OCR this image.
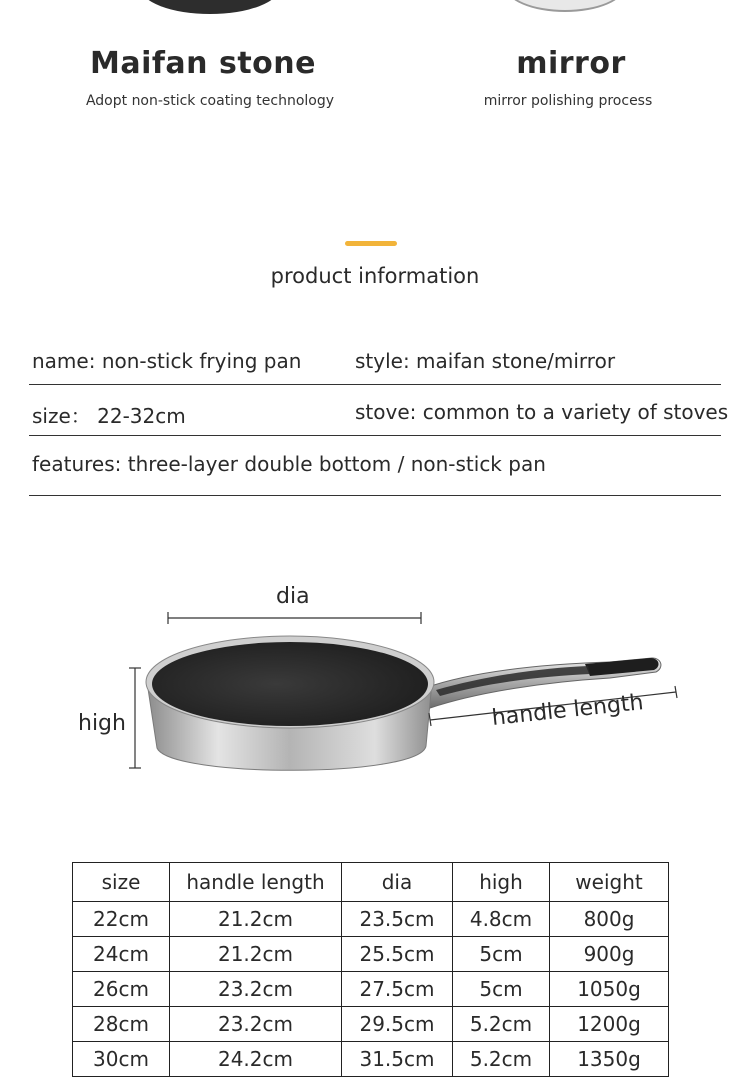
Maifan stone
Adopt non-stick coating technology
mirror
mirror polishing process
product information
name: non-stick frying pan	style: maifan stone/mirror
size： 22-32cm	stove: common to a variety of stoves
features: three-layer double bottom / non-stick pan
dia
high	handle length
size	handle length	dia	high	weight
22cm	21.2cm	23.5cm	4.8cm	800g
24cm	21.2cm	25.5cm	5cm	900g
26cm	23.2cm	27.5cm	5cm	1050g
28cm	23.2cm	29.5cm	5.2cm	1200g
30cm	24.2cm	31.5cm	5.2cm	1350g
